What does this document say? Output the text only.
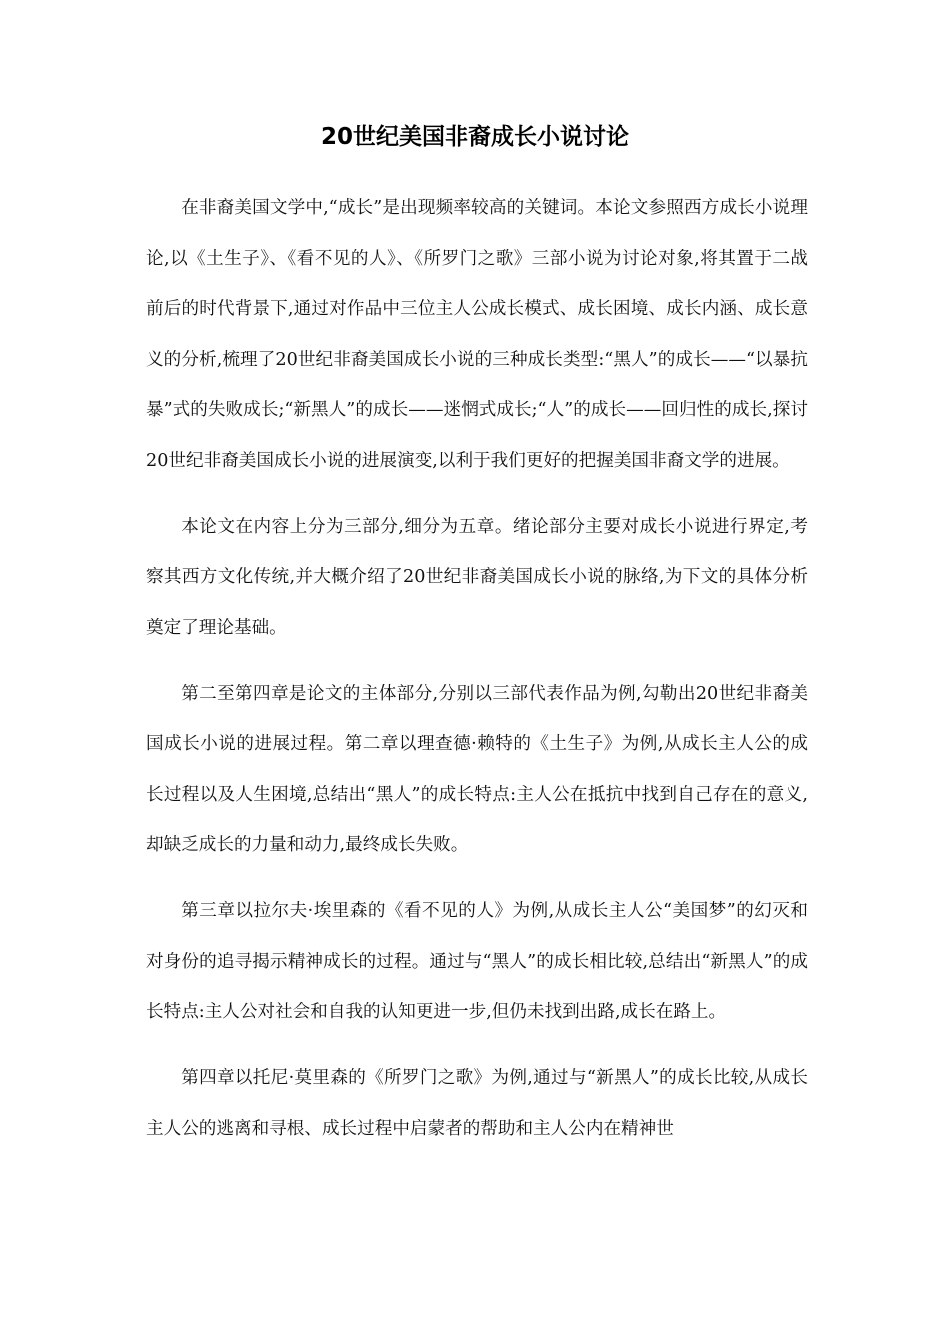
20世纪美国非裔成长小说讨论

在非裔美国文学中,“成长”是出现频率较高的关键词。本论文参照西方成长小说理论,以《土生子》、《看不见的人》、《所罗门之歌》三部小说为讨论对象,将其置于二战前后的时代背景下,通过对作品中三位主人公成长模式、成长困境、成长内涵、成长意义的分析,梳理了20世纪非裔美国成长小说的三种成长类型:“黑人”的成长——“以暴抗暴”式的失败成长;“新黑人”的成长——迷惘式成长;“人”的成长——回归性的成长,探讨20世纪非裔美国成长小说的进展演变,以利于我们更好的把握美国非裔文学的进展。

本论文在内容上分为三部分,细分为五章。绪论部分主要对成长小说进行界定,考察其西方文化传统,并大概介绍了20世纪非裔美国成长小说的脉络,为下文的具体分析奠定了理论基础。

第二至第四章是论文的主体部分,分别以三部代表作品为例,勾勒出20世纪非裔美国成长小说的进展过程。第二章以理查德·赖特的《土生子》为例,从成长主人公的成长过程以及人生困境,总结出“黑人”的成长特点:主人公在抵抗中找到自己存在的意义,却缺乏成长的力量和动力,最终成长失败。

第三章以拉尔夫·埃里森的《看不见的人》为例,从成长主人公“美国梦”的幻灭和对身份的追寻揭示精神成长的过程。通过与“黑人”的成长相比较,总结出“新黑人”的成长特点:主人公对社会和自我的认知更进一步,但仍未找到出路,成长在路上。

第四章以托尼·莫里森的《所罗门之歌》为例,通过与“新黑人”的成长比较,从成长主人公的逃离和寻根、成长过程中启蒙者的帮助和主人公内在精神世
